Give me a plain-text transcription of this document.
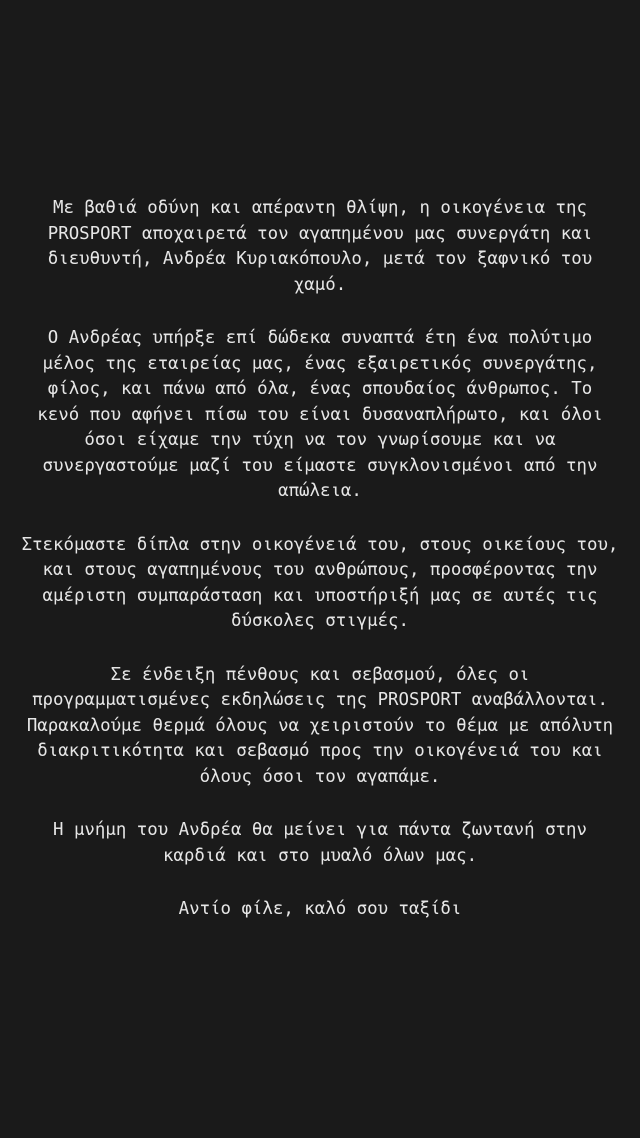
Με βαθιά οδύνη και απέραντη θλίψη, η οικογένεια της
PROSPORT αποχαιρετά τον αγαπημένου μας συνεργάτη και
διευθυντή, Ανδρέα Κυριακόπουλο, μετά τον ξαφνικό του
χαμό.

Ο Ανδρέας υπήρξε επί δώδεκα συναπτά έτη ένα πολύτιμο
μέλος της εταιρείας μας, ένας εξαιρετικός συνεργάτης,
φίλος, και πάνω από όλα, ένας σπουδαίος άνθρωπος. Το
κενό που αφήνει πίσω του είναι δυσαναπλήρωτο, και όλοι
όσοι είχαμε την τύχη να τον γνωρίσουμε και να
συνεργαστούμε μαζί του είμαστε συγκλονισμένοι από την
απώλεια.

Στεκόμαστε δίπλα στην οικογένειά του, στους οικείους του,
και στους αγαπημένους του ανθρώπους, προσφέροντας την
αμέριστη συμπαράσταση και υποστήριξή μας σε αυτές τις
δύσκολες στιγμές.

Σε ένδειξη πένθους και σεβασμού, όλες οι
προγραμματισμένες εκδηλώσεις της PROSPORT αναβάλλονται.
Παρακαλούμε θερμά όλους να χειριστούν το θέμα με απόλυτη
διακριτικότητα και σεβασμό προς την οικογένειά του και
όλους όσοι τον αγαπάμε.

Η μνήμη του Ανδρέα θα μείνει για πάντα ζωντανή στην
καρδιά και στο μυαλό όλων μας.

Αντίο φίλε, καλό σου ταξίδι
